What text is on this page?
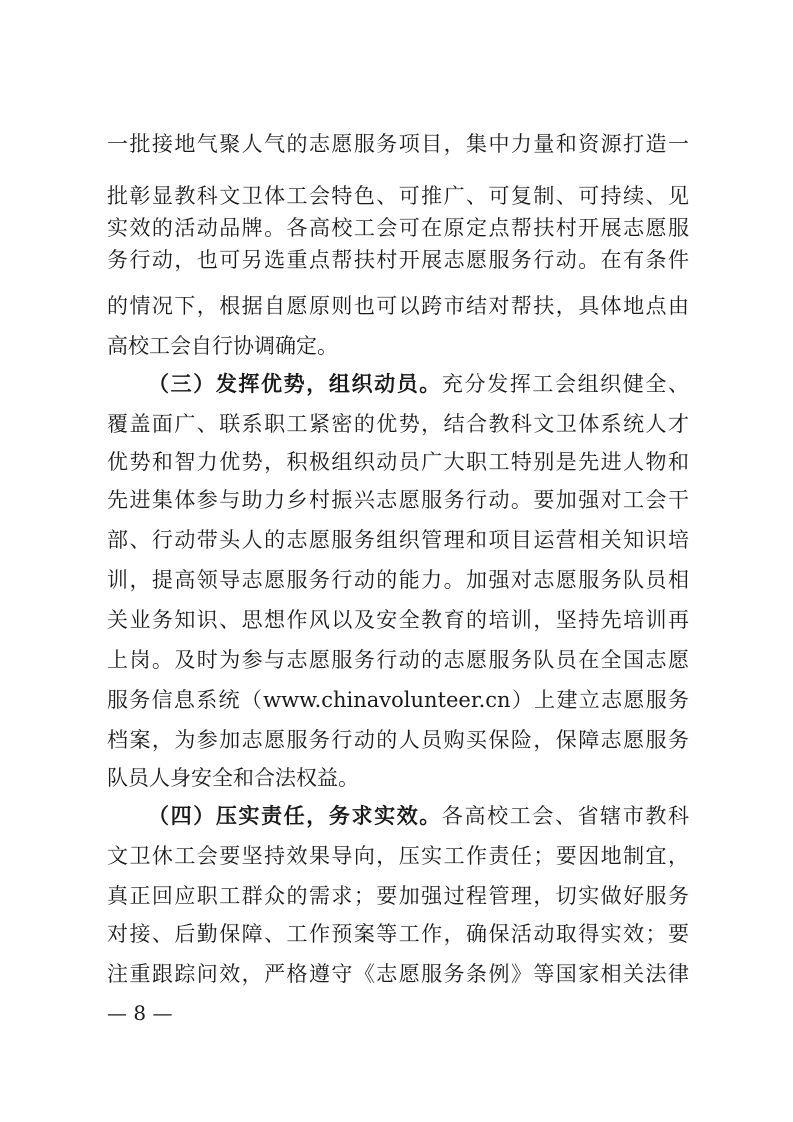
一批接地气聚人气的志愿服务项目，集中力量和资源打造一
批彰显教科文卫体工会特色、可推广、可复制、可持续、见
实效的活动品牌。各高校工会可在原定点帮扶村开展志愿服
务行动，也可另选重点帮扶村开展志愿服务行动。在有条件
的情况下，根据自愿原则也可以跨市结对帮扶，具体地点由
高校工会自行协调确定。
（三）发挥优势，组织动员。充分发挥工会组织健全、
覆盖面广、联系职工紧密的优势，结合教科文卫体系统人才
优势和智力优势，积极组织动员广大职工特别是先进人物和
先进集体参与助力乡村振兴志愿服务行动。要加强对工会干
部、行动带头人的志愿服务组织管理和项目运营相关知识培
训，提高领导志愿服务行动的能力。加强对志愿服务队员相
关业务知识、思想作风以及安全教育的培训，坚持先培训再
上岗。及时为参与志愿服务行动的志愿服务队员在全国志愿
服务信息系统（www.chinavolunteer.cn）上建立志愿服务
档案，为参加志愿服务行动的人员购买保险，保障志愿服务
队员人身安全和合法权益。
（四）压实责任，务求实效。各高校工会、省辖市教科
文卫休工会要坚持效果导向，压实工作责任；要因地制宜，
真正回应职工群众的需求；要加强过程管理，切实做好服务
对接、后勤保障、工作预案等工作，确保活动取得实效；要
注重跟踪问效，严格遵守《志愿服务条例》等国家相关法律
— 8 —
